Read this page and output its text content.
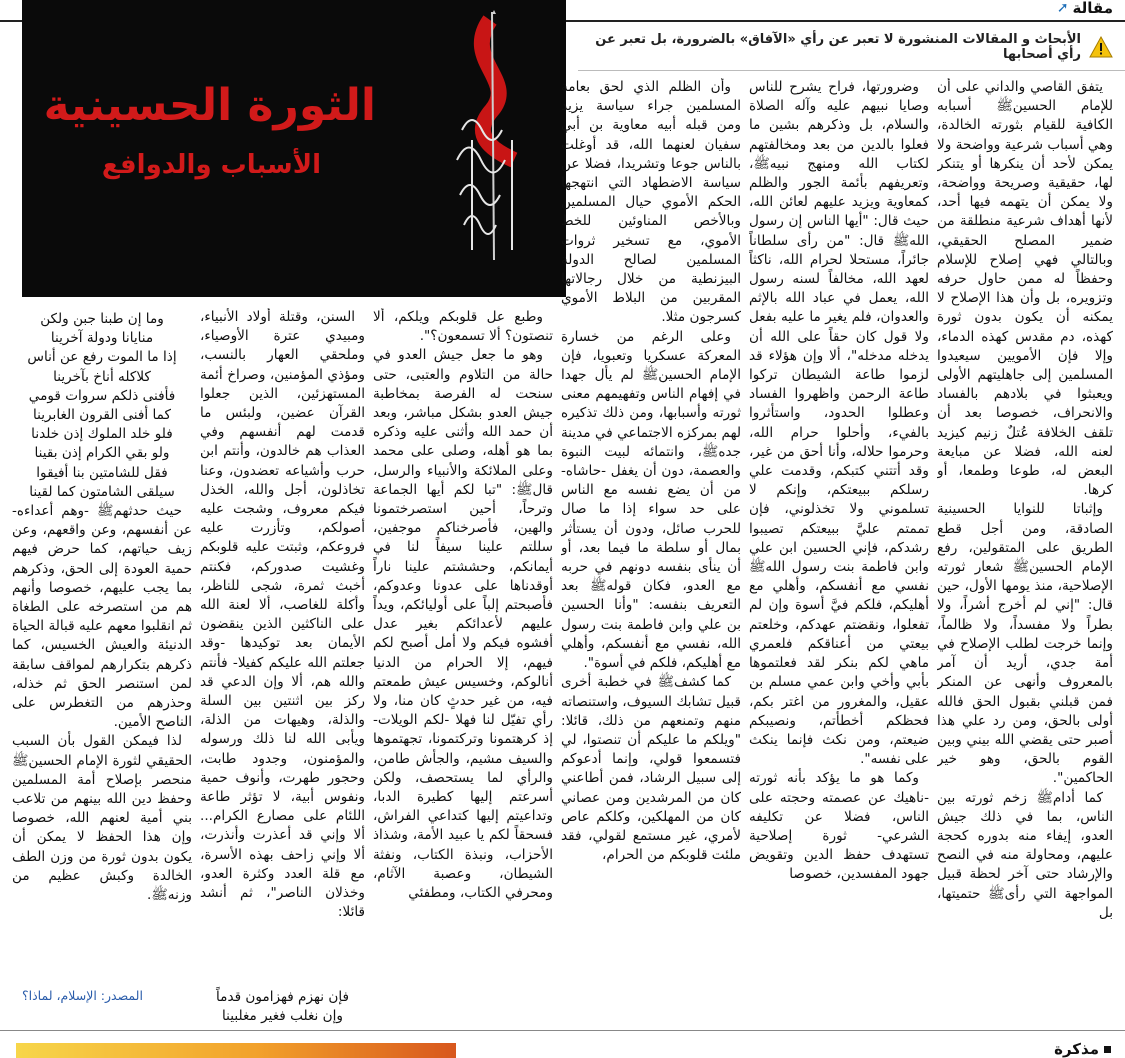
مقالة
➚
الأبحاث و المقالات المنشورة لا تعبر عن رأي «الآفاق» بالضرورة، بل تعبر عن رأي أصحابها
الثورة الحسينية
الأسباب والدوافع

يتفق القاصي والداني على أن للإمام الحسينﷺ أسبابه الكافية للقيام بثورته الخالدة، وهي أسباب شرعية وواضحة ولا يمكن لأحد أن ينكرها أو يتنكر لها، حقيقية وصريحة وواضحة، ولا يمكن أن يتهمه فيها أحد، لأنها أهداف شرعية منطلقة من ضمير المصلح الحقيقي، وبالتالي فهي إصلاح للإسلام وحفظاً له ممن حاول حرفه وتزويره، بل وأن هذا الإصلاح لا يمكنه أن يكون بدون ثورة كهذه، دم مقدس كهذه الدماء، وإلا فإن الأمويين سيعيدوا المسلمين إلى جاهليتهم الأولى ويعبثوا في بلادهم بالفساد والانحراف، خصوصا بعد أن تلقف الخلافة عُتلٌ زنيم كيزيد لعنه الله، فضلا عن مبايعة البعض له، طوعا وطمعا، أو كرها.

وإثباتا للنوايا الحسينية الصادقة، ومن أجل قطع الطريق على المتقولين، رفع الإمام الحسينﷺ شعار ثورته الإصلاحية، منذ يومها الأول، حين قال: "إني لم أخرج أشراً، ولا بطراً ولا مفسداً، ولا ظالماً، وإنما خرجت لطلب الإصلاح في أمة جدي، أريد أن آمر بالمعروف وأنهى عن المنكر فمن قبلني بقبول الحق فالله أولى بالحق، ومن رد علي هذا أصبر حتى يقضي الله بيني وبين القوم بالحق، وهو خير الحاكمين".

كما أدامﷺ زخم ثورته بين الناس، بما في ذلك جيش العدو، إيفاء منه بدوره كحجة عليهم، ومحاولة منه في النصح والإرشاد حتى آخر لحظة قبيل المواجهة التي رأىﷺ حتميتها، بل

وضرورتها، فراح يشرح للناس وصايا نبيهم عليه وآله الصلاة والسلام، بل وذكرهم بشين ما فعلوا بالدين من بعد ومخالفتهم لكتاب الله ومنهج نبيهﷺ، وتعريفهم بأئمة الجور والظلم كمعاوية ويزيد عليهم لعائن الله، حيث قال: "أيها الناس إن رسول اللهﷺ قال: "من رأى سلطاناً جائراً، مستحلا لحرام الله، ناكثاً لعهد الله، مخالفاً لسنه رسول الله، يعمل في عباد الله بالإثم والعدوان، فلم يغير ما عليه بفعل ولا قول كان حقاً على الله أن يدخله مدخله"، ألا وإن هؤلاء قد لزموا طاعة الشيطان تركوا طاعة الرحمن واظهروا الفساد وعطلوا الحدود، واستأثروا بالفيء، وأحلوا حرام الله، وحرموا حلاله، وأنا أحق من غير، وقد أتتني كتبكم، وقدمت علي رسلكم ببيعتكم، وإنكم لا تسلموني ولا تخذلوني، فإن تممتم عليَّ ببيعتكم تصيبوا رشدكم، فإني الحسين ابن علي وابن فاطمة بنت رسول اللهﷺ نفسي مع أنفسكم، وأهلي مع أهليكم، فلكم فيَّ أسوة وإن لم تفعلوا، ونقضتم عهدكم، وخلعتم بيعتي من أعناقكم فلعمري ماهي لكم بنكر لقد فعلتموها بأبي وأخي وابن عمي مسلم بن عقيل، والمغرور من اغتر بكم، فحظكم أخطأتم، ونصيبكم ضيعتم، ومن نكث فإنما ينكث على نفسه".

وكما هو ما يؤكد بأنه ثورته -ناهيك عن عصمته وحجته على الناس، فضلا عن تكليفه الشرعي- ثورة إصلاحية تستهدف حفظ الدين وتقويض جهود المفسدين، خصوصا

وأن الظلم الذي لحق بعامة المسلمين جراء سياسة يزيد ومن قبله أبيه معاوية بن أبي سفيان لعنهما الله، قد أوغلت بالناس جوعا وتشريدا، فضلا عن سياسة الاضطهاد التي انتهجها الحكم الأموي حيال المسلمين وبالأخص المناوئين للخط الأموي، مع تسخير ثروات المسلمين لصالح الدولة البيزنطية من خلال رجالاتها المقربين من البلاط الأموي كسرجون مثلا.

وعلى الرغم من خسارة المعركة عسكريا وتعبويا، فإن الإمام الحسينﷺ لم يأل جهدا في إفهام الناس وتفهيمهم معنى ثورته وأسبابها، ومن ذلك تذكيره لهم بمركزه الاجتماعي في مدينة جدهﷺ، وانتمائه لبيت النبوة والعصمة، دون أن يغفل -حاشاه- من أن يضع نفسه مع الناس على حد سواء إذا ما صال للحرب صائل، ودون أن يستأثر بمال أو سلطة ما فيما بعد، أو أن ينأى بنفسه دونهم في حربه مع العدو، فكان قولهﷺ بعد التعريف بنفسه: "وأنا الحسين بن علي وابن فاطمة بنت رسول الله، نفسي مع أنفسكم، وأهلي مع أهليكم، فلكم في أسوة".

كما كشفﷺ في خطبة أخرى قبيل تشابك السيوف، واستنصاته منهم وتمنعهم من ذلك، قائلا: "ويلكم ما عليكم أن تنصتوا، لي فتسمعوا قولي، وإنما أدعوكم إلى سبيل الرشاد، فمن أطاعني كان من المرشدين ومن عصاني كان من المهلكين، وكلكم عاص لأمري، غير مستمع لقولي، فقد ملئت قلوبكم من الحرام،

وطبع عل قلوبكم ويلكم، ألا تنصتون؟ ألا تسمعون؟".

وهو ما جعل جيش العدو في حالة من التلاوم والعتبى، حتى سنحت له الفرصة بمخاطبة جيش العدو بشكل مباشر، وبعد أن حمد الله وأثنى عليه وذكره بما هو أهله، وصلى على محمد وعلى الملائكة والأنبياء والرسل، قالﷺ: "تبا لكم أيها الجماعة وترحاً، أحين استصرختمونا والهين، فأصرخناكم موجفين، سللتم علينا سيفاً لنا في أيمانكم، وحششتم علينا ناراً أوقدناها على عدونا وعدوكم، فأصبحتم إلباً على أوليائكم، ويداً عليهم لأعدائكم بغير عدل أفشوه فيكم ولا أمل أصبح لكم فيهم، إلا الحرام من الدنيا أنالوكم، وخسيس عيش طمعتم فيه، من غير حدثٍ كان منا، ولا رأي تفيّل لنا فهلا -لكم الويلات- إذ كرهتمونا وتركتمونا، تجهتموها والسيف مشيم، والجأش طامن، والرأي لما يستحصف، ولكن أسرعتم إليها كطيرة الدبا، وتداعيتم إليها كتداعي الفراش، فسحقاً لكم يا عبيد الأمة، وشذاذ الأحزاب، ونبذة الكتاب، ونفثة الشيطان، وعصبة الآثام، ومحرفي الكتاب، ومطفئي

السنن، وقتلة أولاد الأنبياء، ومبيدي عترة الأوصياء، وملحقي العهار بالنسب، ومؤذي المؤمنين، وصراخ أئمة المستهزئين، الذين جعلوا القرآن عضين، ولبئس ما قدمت لهم أنفسهم وفي العذاب هم خالدون، وأنتم ابن حرب وأشياعه تعضدون، وعنا تخاذلون، أجل والله، الخذل فيكم معروف، وشجت عليه أصولكم، وتأزرت عليه فروعكم، وثبتت عليه قلوبكم وغشيت صدوركم، فكنتم أخبث ثمرة، شجى للناظر، وأكلة للغاصب، ألا لعنة الله على الناكثين الذين ينقضون الأيمان بعد توكيدها -وقد جعلتم الله عليكم كفيلا- فأنتم والله هم، ألا وإن الدعي قد ركز بين اثنتين بين السلة والذلة، وهيهات من الذلة، ويأبى الله لنا ذلك ورسوله والمؤمنون، وجدود طابت، وحجور طهرت، وأنوف حمية ونفوس أبية، لا تؤثر طاعة اللئام على مصارع الكرام... ألا وإني قد أعذرت وأنذرت، ألا وإني زاحف بهذه الأسرة، مع قلة العدد وكثرة العدو، وخذلان الناصر"، ثم أنشد قائلا:

وما إن طبنا جبن ولكن
منايانا ودولة آخرينا
إذا ما الموت رفع عن أناس
كلاكله أناخ بآخرينا
فأفنى ذلكم سروات قومي
كما أفنى القرون الغابرينا
فلو خلد الملوك إذن خلدنا
ولو بقي الكرام إذن بقينا
فقل للشامتين بنا أفيقوا
سيلقى الشامتون كما لقينا

حيث حدثهمﷺ -وهم أعداءه- عن أنفسهم، وعن واقعهم، وعن زيف حياتهم، كما حرض فيهم حمية العودة إلى الحق، وذكرهم بما يجب عليهم، خصوصا وأنهم هم من استصرخه على الطغاة ثم انقلبوا معهم عليه قبالة الحياة الدنيئة والعيش الخسيس، كما ذكرهم بتكرارهم لمواقف سابقة لمن استنصر الحق ثم خذله، وحذرهم من التغطرس على الناصح الأمين.

لذا فيمكن القول بأن السبب الحقيقي لثورة الإمام الحسينﷺ منحصر بإصلاح أمة المسلمين وحفظ دين الله بينهم من تلاعب بني أمية لعنهم الله، خصوصا وإن هذا الحفظ لا يمكن أن يكون بدون ثورة من وزن الطف الخالدة وكبش عظيم من وزنهﷺ.

فإن نهزم فهزامون قدماً
وإن نغلب فغير مغلبينا
المصدر: الإسلام، لماذا؟
مذكرة
